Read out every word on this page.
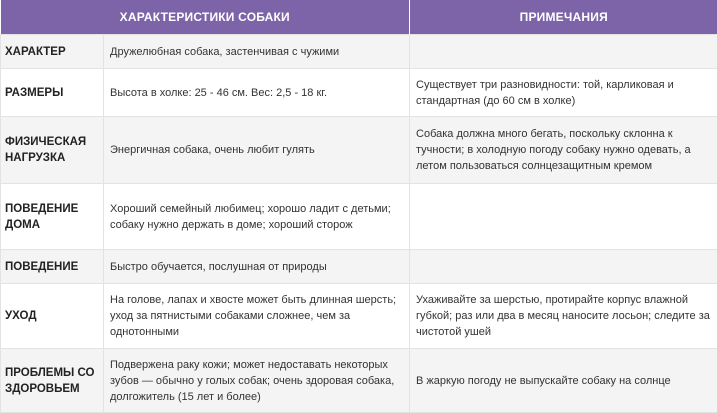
ХАРАКТЕРИСТИКИ СОБАКИ		ПРИМЕЧАНИЯ
ХАРАКТЕР	Дружелюбная собака, застенчивая с чужими	
РАЗМЕРЫ	Высота в холке: 25 - 46 см. Вес: 2,5 - 18 кг.	Существует три разновидности: той, карликовая и стандартная (до 60 см в холке)
ФИЗИЧЕСКАЯ НАГРУЗКА	Энергичная собака, очень любит гулять	Собака должна много бегать, поскольку склонна к тучности; в холодную погоду собаку нужно одевать, а летом пользоваться солнцезащитным кремом
ПОВЕДЕНИЕ ДОМА	Хороший семейный любимец; хорошо ладит с детьми; собаку нужно держать в доме; хороший сторож	
ПОВЕДЕНИЕ	Быстро обучается, послушная от природы	
УХОД	На голове, лапах и хвосте может быть длинная шерсть; уход за пятнистыми собаками сложнее, чем за однотонными	Ухаживайте за шерстью, протирайте корпус влажной губкой; раз или два в месяц наносите лосьон; следите за чистотой ушей
ПРОБЛЕМЫ СО ЗДОРОВЬЕМ	Подвержена раку кожи; может недоставать некоторых зубов — обычно у голых собак; очень здоровая собака, долгожитель (15 лет и более)	В жаркую погоду не выпускайте собаку на солнце
